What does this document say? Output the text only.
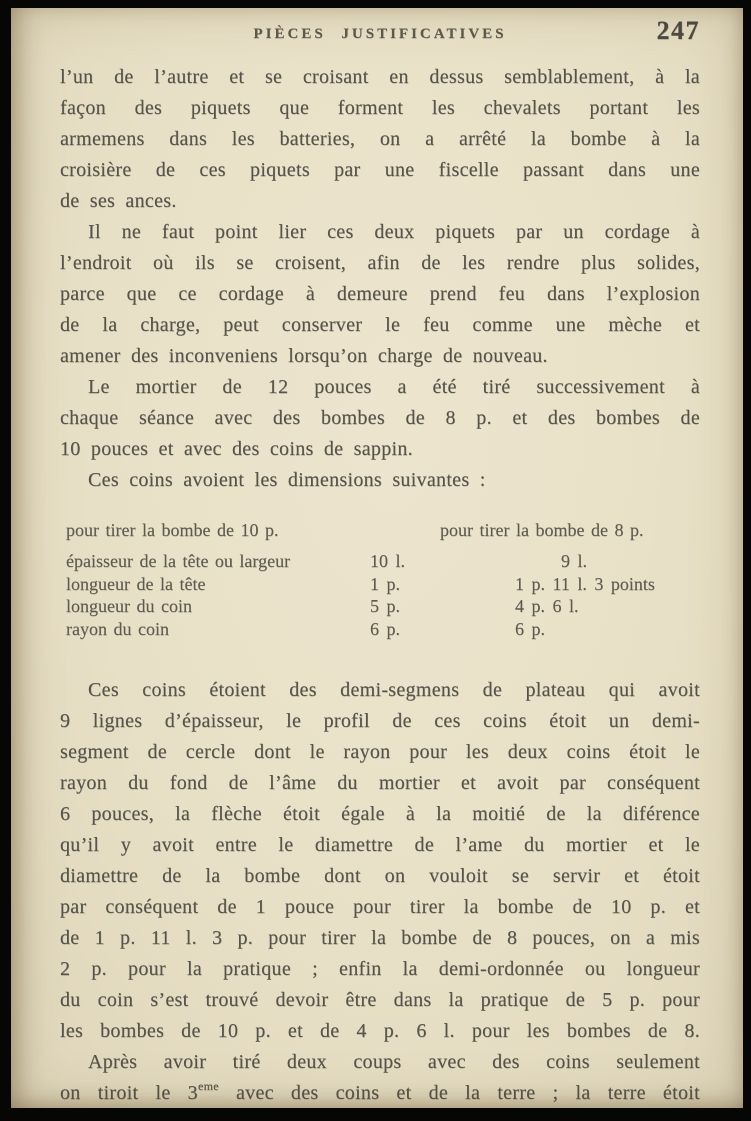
PIÈCES JUSTIFICATIVES	247
l’un de l’autre et se croisant en dessus semblablement, à la
façon des piquets que forment les chevalets portant les
armemens dans les batteries, on a arrêté la bombe à la
croisière de ces piquets par une fiscelle passant dans une
de ses ances.
Il ne faut point lier ces deux piquets par un cordage à
l’endroit où ils se croisent, afin de les rendre plus solides,
parce que ce cordage à demeure prend feu dans l’explosion
de la charge, peut conserver le feu comme une mèche et
amener des inconveniens lorsqu’on charge de nouveau.
Le mortier de 12 pouces a été tiré successivement à
chaque séance avec des bombes de 8 p. et des bombes de
10 pouces et avec des coins de sappin.
Ces coins avoient les dimensions suivantes :
pour tirer la bombe de 10 p.	pour tirer la bombe de 8 p.
épaisseur de la tête ou largeur	10 l.	9 l.
longueur de la tête	1 p.	1 p. 11 l. 3 points
longueur du coin	5 p.	4 p. 6 l.
rayon du coin	6 p.	6 p.
Ces coins étoient des demi-segmens de plateau qui avoit
9 lignes d’épaisseur, le profil de ces coins étoit un demi-
segment de cercle dont le rayon pour les deux coins étoit le
rayon du fond de l’âme du mortier et avoit par conséquent
6 pouces, la flèche étoit égale à la moitié de la diférence
qu’il y avoit entre le diamettre de l’ame du mortier et le
diamettre de la bombe dont on vouloit se servir et étoit
par conséquent de 1 pouce pour tirer la bombe de 10 p. et
de 1 p. 11 l. 3 p. pour tirer la bombe de 8 pouces, on a mis
2 p. pour la pratique ; enfin la demi-ordonnée ou longueur
du coin s’est trouvé devoir être dans la pratique de 5 p. pour
les bombes de 10 p. et de 4 p. 6 l. pour les bombes de 8.
Après avoir tiré deux coups avec des coins seulement
on tiroit le 3eme avec des coins et de la terre ; la terre étoit
